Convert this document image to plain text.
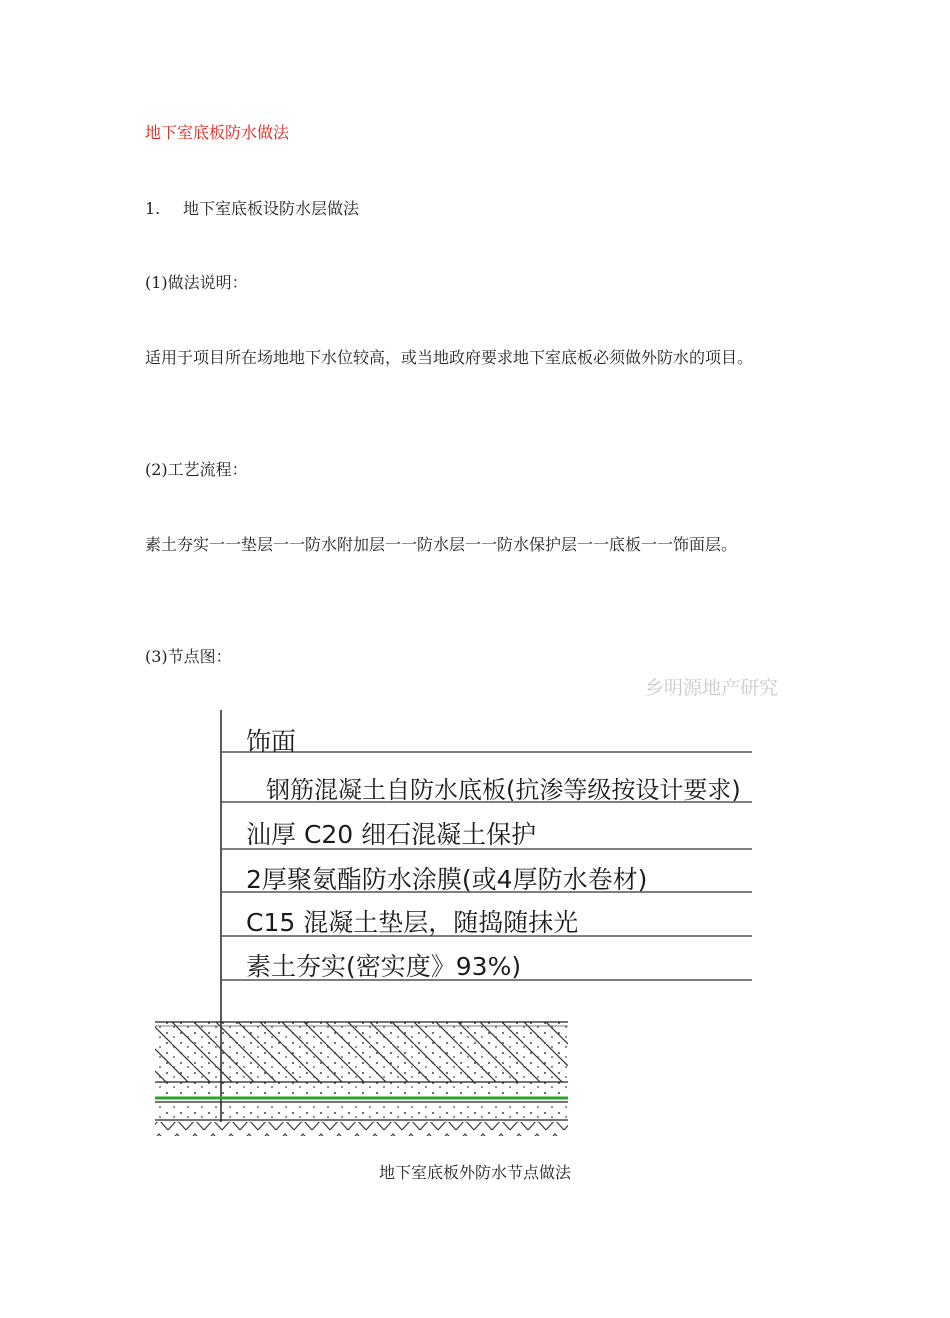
地下室底板防水做法

1. 地下室底板设防水层做法

(1)做法说明：

适用于项目所在场地地下水位较高，或当地政府要求地下室底板必须做外防水的项目。

(2)工艺流程：

素土夯实一一垫层一一防水附加层一一防水层一一防水保护层一一底板一一饰面层。

(3)节点图：

乡明源地产研究
饰面
钢筋混凝土自防水底板(抗渗等级按设计要求)
汕厚 C20 细石混凝土保护
2厚聚氨酯防水涂膜(或4厚防水卷材)
C15 混凝土垫层，随捣随抹光
素土夯实(密实度》93%)
地下室底板外防水节点做法
